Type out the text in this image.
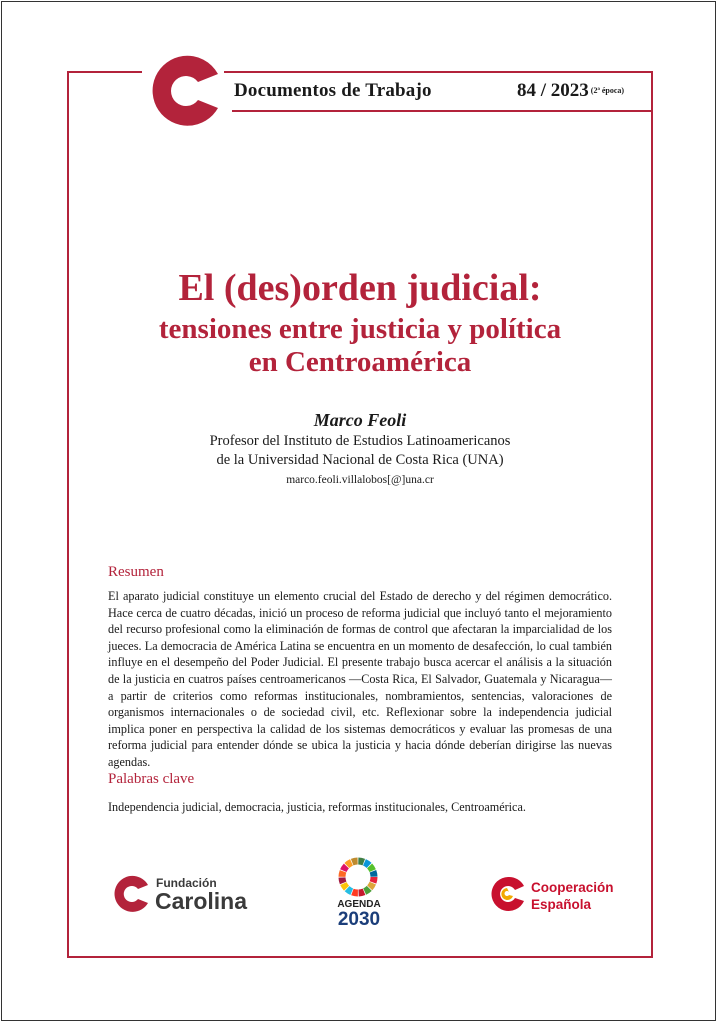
Documentos de Trabajo	84 / 2023 (2ª época)
El (des)orden judicial:
tensiones entre justicia y política
en Centroamérica
Marco Feoli
Profesor del Instituto de Estudios Latinoamericanos
de la Universidad Nacional de Costa Rica (UNA)
marco.feoli.villalobos[@]una.cr
Resumen
El aparato judicial constituye un elemento crucial del Estado de derecho y del régimen democrático. Hace cerca de cuatro décadas, inició un proceso de reforma judicial que incluyó tanto el mejoramiento del recurso profesional como la eliminación de formas de control que afectaran la imparcialidad de los jueces. La democracia de América Latina se encuentra en un momento de desafección, lo cual también influye en el desempeño del Poder Judicial. El presente trabajo busca acercar el análisis a la situación de la justicia en cuatros países centroamericanos —Costa Rica, El Salvador, Guatemala y Nicaragua— a partir de criterios como reformas institucionales, nombramientos, sentencias, valoraciones de organismos internacionales o de sociedad civil, etc. Reflexionar sobre la independencia judicial implica poner en perspectiva la calidad de los sistemas democráticos y evaluar las promesas de una reforma judicial para entender dónde se ubica la justicia y hacia dónde deberían dirigirse las nuevas agendas.
Palabras clave
Independencia judicial, democracia, justicia, reformas institucionales, Centroamérica.
Fundación
Carolina	AGENDA
2030
Cooperación
Española
